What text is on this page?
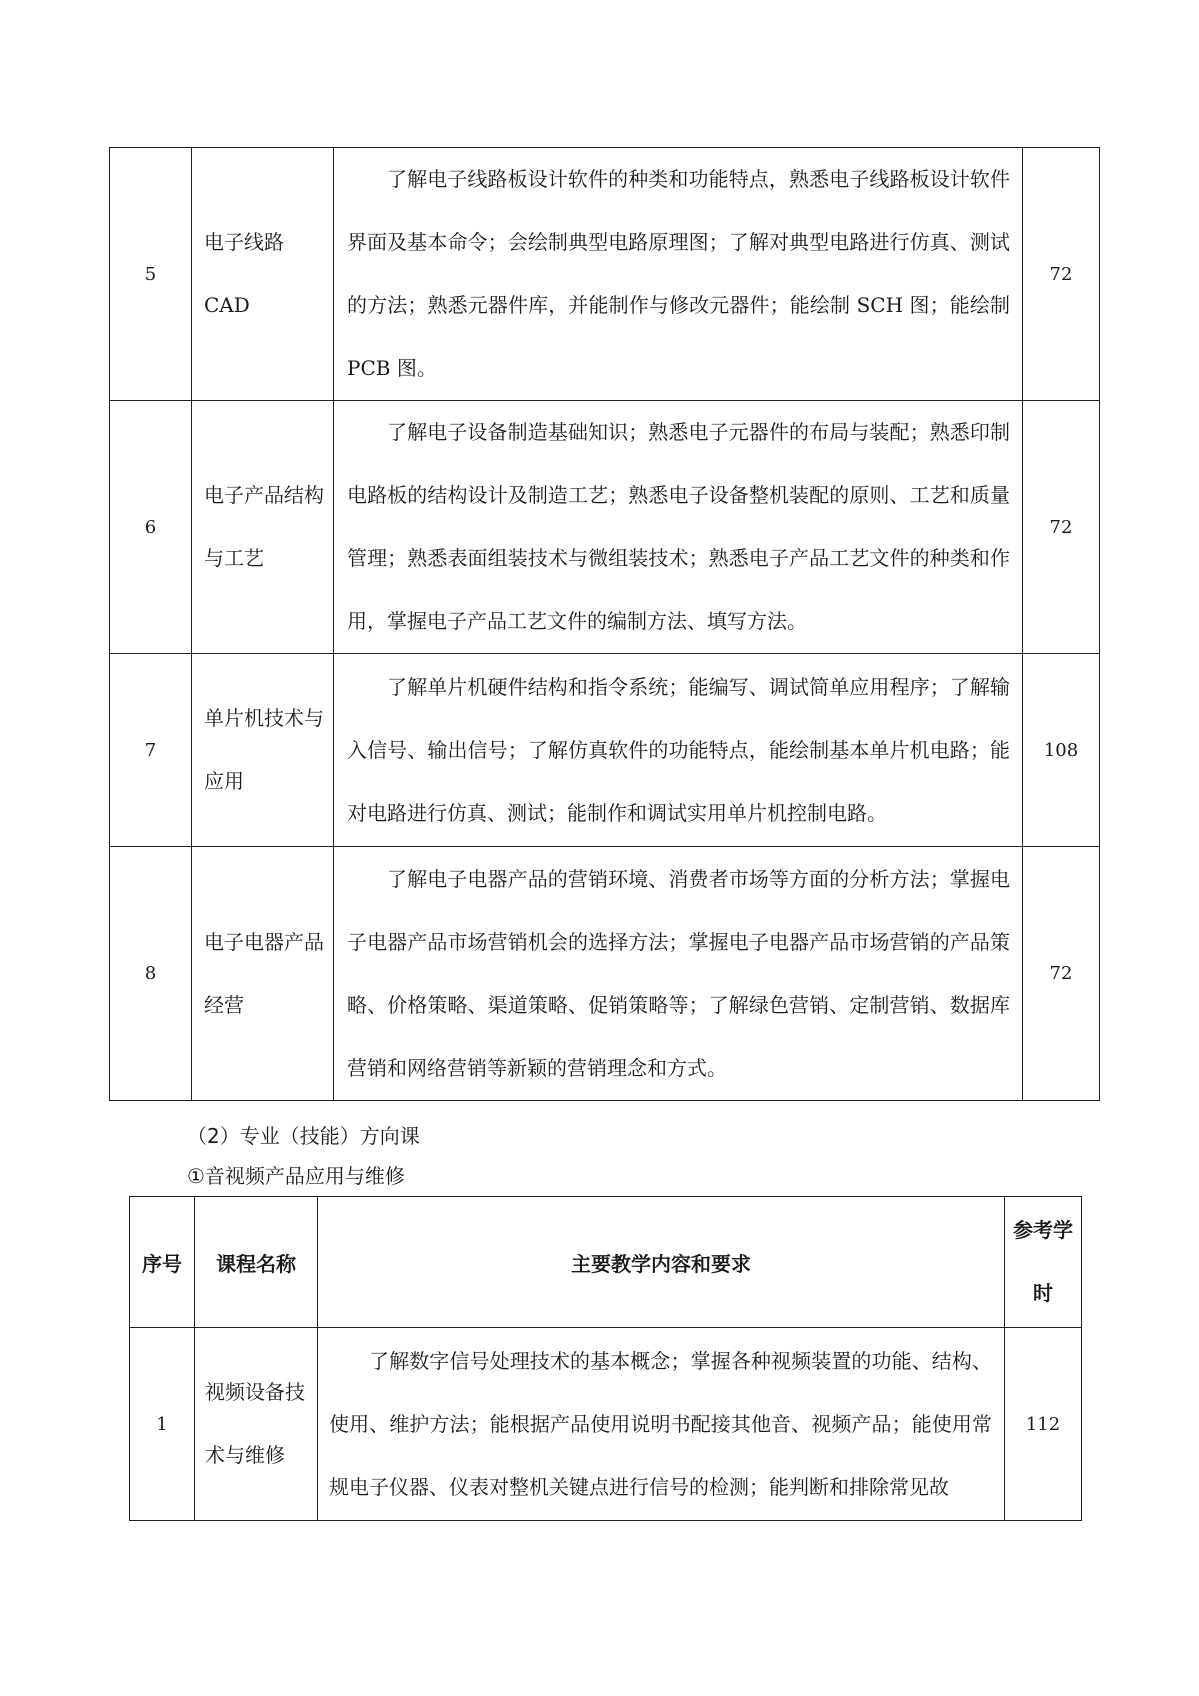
5	电子线路CAD	了解电子线路板设计软件的种类和功能特点，熟悉电子线路板设计软件界面及基本命令；会绘制典型电路原理图；了解对典型电路进行仿真、测试的方法；熟悉元器件库，并能制作与修改元器件；能绘制 SCH 图；能绘制 PCB 图。	72
6	电子产品结构与工艺	了解电子设备制造基础知识；熟悉电子元器件的布局与装配；熟悉印制电路板的结构设计及制造工艺；熟悉电子设备整机装配的原则、工艺和质量管理；熟悉表面组装技术与微组装技术；熟悉电子产品工艺文件的种类和作用，掌握电子产品工艺文件的编制方法、填写方法。	72
7	单片机技术与应用	了解单片机硬件结构和指令系统；能编写、调试简单应用程序；了解输入信号、输出信号；了解仿真软件的功能特点，能绘制基本单片机电路；能对电路进行仿真、测试；能制作和调试实用单片机控制电路。	108
8	电子电器产品经营	了解电子电器产品的营销环境、消费者市场等方面的分析方法；掌握电子电器产品市场营销机会的选择方法；掌握电子电器产品市场营销的产品策略、价格策略、渠道策略、促销策略等；了解绿色营销、定制营销、数据库营销和网络营销等新颖的营销理念和方式。	72
（2）专业（技能）方向课
①音视频产品应用与维修
序号	课程名称	主要教学内容和要求	参考学时
1	视频设备技术与维修	了解数字信号处理技术的基本概念；掌握各种视频装置的功能、结构、使用、维护方法；能根据产品使用说明书配接其他音、视频产品；能使用常规电子仪器、仪表对整机关键点进行信号的检测；能判断和排除常见故	112
